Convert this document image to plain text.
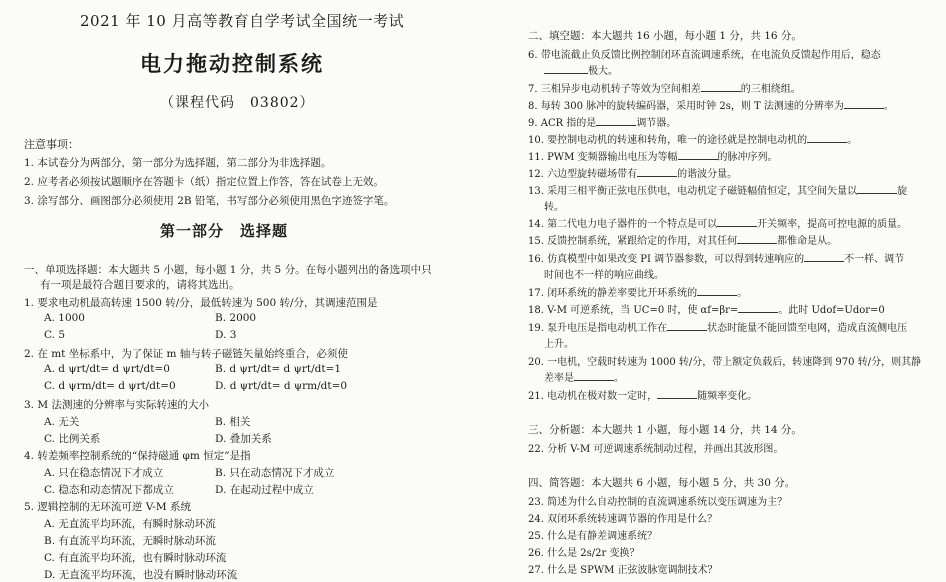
2021 年 10 月高等教育自学考试全国统一考试
电力拖动控制系统
（课程代码　03802）
注意事项：
1. 本试卷分为两部分，第一部分为选择题，第二部分为非选择题。
2. 应考者必须按试题顺序在答题卡（纸）指定位置上作答，答在试卷上无效。
3. 涂写部分、画图部分必须使用 2B 铅笔，书写部分必须使用黑色字迹签字笔。
第一部分　选择题
一、单项选择题：本大题共 5 小题，每小题 1 分，共 5 分。在每小题列出的备选项中只
有一项是最符合题目要求的，请将其选出。
1. 要求电动机最高转速 1500 转/分，最低转速为 500 转/分，其调速范围是
A. 1000	B. 2000
C. 5	D. 3
2. 在 mt 坐标系中，为了保证 m 轴与转子磁链矢量始终重合，必须使
A. d ψrt/dt= d ψrt/dt=0	B. d ψrt/dt= d ψrt/dt=1
C. d ψrm/dt= d ψrt/dt=0	D. d ψrt/dt= d ψrm/dt=0
3. M 法测速的分辨率与实际转速的大小
A. 无关	B. 相关
C. 比例关系	D. 叠加关系
4. 转差频率控制系统的“保持磁通 φm 恒定”是指
A. 只在稳态情况下才成立	B. 只在动态情况下才成立
C. 稳态和动态情况下都成立	D. 在起动过程中成立
5. 逻辑控制的无环流可逆 V-M 系统
A. 无直流平均环流，有瞬时脉动环流
B. 有直流平均环流，无瞬时脉动环流
C. 有直流平均环流，也有瞬时脉动环流
D. 无直流平均环流，也没有瞬时脉动环流
二、填空题：本大题共 16 小题，每小题 1 分，共 16 分。
6. 带电流截止负反馈比例控制闭环直流调速系统，在电流负反馈起作用后，稳态
极大。
7. 三相异步电动机转子等效为空间相差	的三相绕组。
8. 每转 300 脉冲的旋转编码器，采用时钟 2s，则 T 法测速的分辨率为	。
9. ACR 指的是	调节器。
10. 要控制电动机的转速和转角，唯一的途径就是控制电动机的	。
11. PWM 变频器输出电压为等幅	的脉冲序列。
12. 六边型旋转磁场带有	的谐波分量。
13. 采用三相平衡正弦电压供电，电动机定子磁链幅值恒定，其空间矢量以	旋
转。
14. 第二代电力电子器件的一个特点是可以	开关频率，提高可控电源的质量。
15. 反馈控制系统，紧跟给定的作用，对其任何	都惟命是从。
16. 仿真模型中如果改变 PI 调节器参数，可以得到转速响应的	不一样、调节
时间也不一样的响应曲线。
17. 闭环系统的静差率要比开环系统的	。
18. V-M 可逆系统，当 UC=0 时，使 αf=βr=	。此时 Udof=Udor=0
19. 泵升电压是指电动机工作在	状态时能量不能回馈至电网，造成直流侧电压
上升。
20. 一电机，空载时转速为 1000 转/分，带上额定负载后，转速降到 970 转/分，则其静
差率是	。
21. 电动机在极对数一定时，	随频率变化。
三、分析题：本大题共 1 小题，每小题 14 分，共 14 分。
22. 分析 V-M 可逆调速系统制动过程，并画出其波形图。
四、简答题：本大题共 6 小题，每小题 5 分，共 30 分。
23. 简述为什么自动控制的直流调速系统以变压调速为主？
24. 双闭环系统转速调节器的作用是什么？
25. 什么是有静差调速系统？
26. 什么是 2s/2r 变换？
27. 什么是 SPWM 正弦波脉宽调制技术？
